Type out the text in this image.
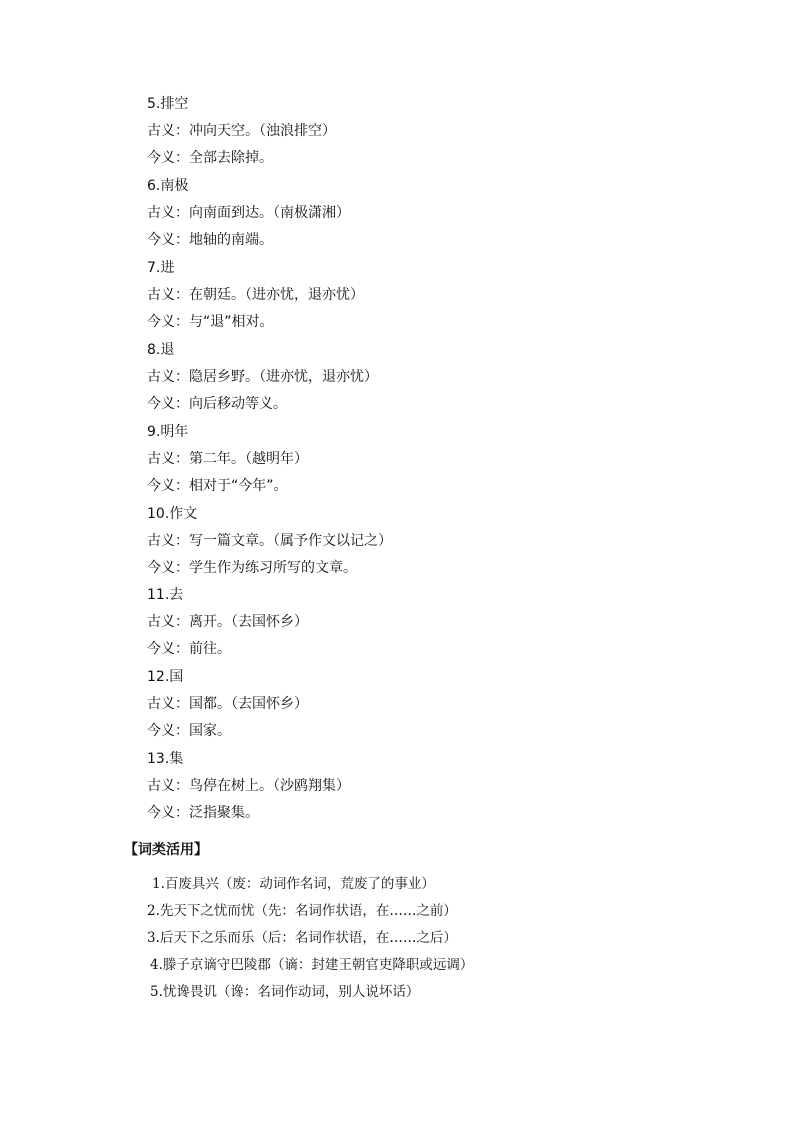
5.排空
古义：冲向天空。（浊浪排空）
今义：全部去除掉。
6.南极
古义：向南面到达。（南极潇湘）
今义：地轴的南端。
7.进
古义：在朝廷。（进亦忧，退亦忧）
今义：与“退”相对。
8.退
古义：隐居乡野。（进亦忧，退亦忧）
今义：向后移动等义。
9.明年
古义：第二年。（越明年）
今义：相对于“今年”。
10.作文
古义：写一篇文章。（属予作文以记之）
今义：学生作为练习所写的文章。
11.去
古义：离开。（去国怀乡）
今义：前往。
12.国
古义：国都。（去国怀乡）
今义：国家。
13.集
古义：鸟停在树上。（沙鸥翔集）
今义：泛指聚集。
【词类活用】
1.百废具兴（废：动词作名词，荒废了的事业）
2.先天下之忧而忧（先：名词作状语，在……之前）
3.后天下之乐而乐（后：名词作状语，在……之后）
4.滕子京谪守巴陵郡（谪：封建王朝官吏降职或远调）
5.忧谗畏讥（谗：名词作动词，别人说坏话）
